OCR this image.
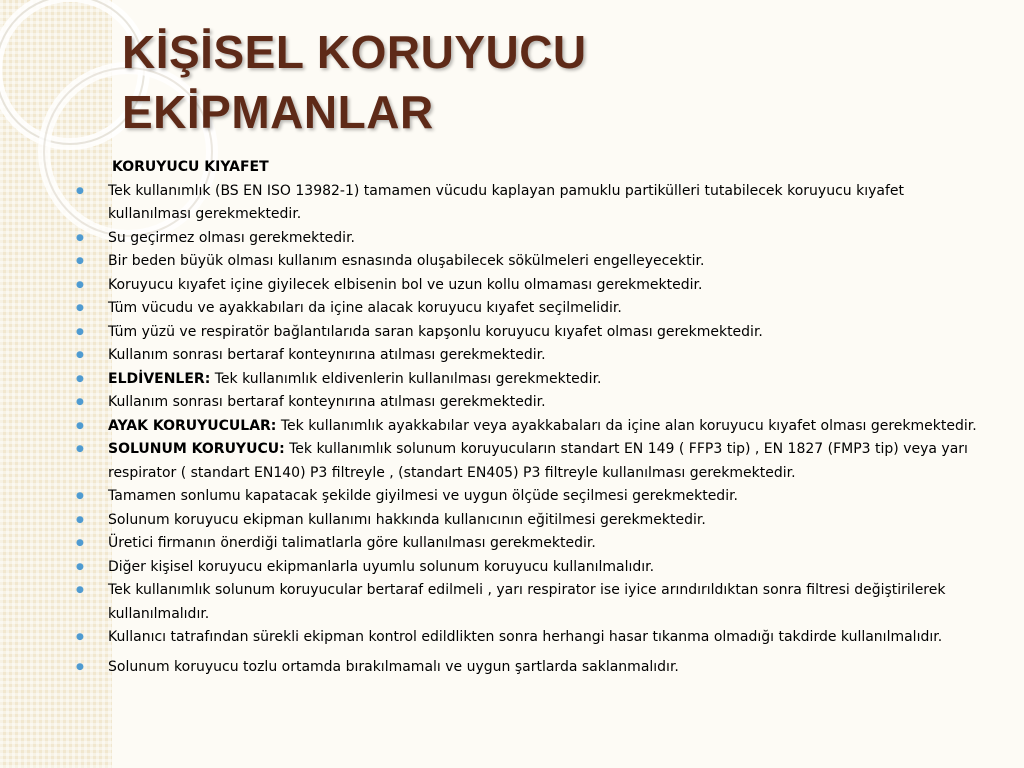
KİŞİSEL KORUYUCU
EKİPMANLAR
KORUYUCU KIYAFET
● Tek kullanımlık (BS EN ISO 13982-1) tamamen vücudu kaplayan pamuklu partikülleri tutabilecek koruyucu kıyafet kullanılması gerekmektedir.
● Su geçirmez olması gerekmektedir.
● Bir beden büyük olması kullanım esnasında oluşabilecek sökülmeleri engelleyecektir.
● Koruyucu kıyafet içine giyilecek elbisenin bol ve uzun kollu olmaması gerekmektedir.
● Tüm vücudu ve ayakkabıları da içine alacak koruyucu kıyafet seçilmelidir.
● Tüm yüzü ve respiratör bağlantılarıda saran kapşonlu koruyucu kıyafet olması gerekmektedir.
● Kullanım sonrası bertaraf konteynırına atılması gerekmektedir.
● ELDİVENLER: Tek kullanımlık eldivenlerin kullanılması gerekmektedir.
● Kullanım sonrası bertaraf konteynırına atılması gerekmektedir.
● AYAK KORUYUCULAR: Tek kullanımlık ayakkabılar veya ayakkabaları da içine alan koruyucu kıyafet olması gerekmektedir.
● SOLUNUM KORUYUCU: Tek kullanımlık solunum koruyucuların standart EN 149 ( FFP3 tip) , EN 1827 (FMP3 tip) veya yarı respirator ( standart EN140) P3 filtreyle , (standart EN405) P3 filtreyle kullanılması gerekmektedir.
● Tamamen sonlumu kapatacak şekilde giyilmesi ve uygun ölçüde seçilmesi gerekmektedir.
● Solunum koruyucu ekipman kullanımı hakkında kullanıcının eğitilmesi gerekmektedir.
● Üretici firmanın önerdiği talimatlarla göre kullanılması gerekmektedir.
● Diğer kişisel koruyucu ekipmanlarla uyumlu solunum koruyucu kullanılmalıdır.
● Tek kullanımlık solunum koruyucular bertaraf edilmeli , yarı respirator ise iyice arındırıldıktan sonra filtresi değiştirilerek kullanılmalıdır.
● Kullanıcı tatrafından sürekli ekipman kontrol edildlikten sonra herhangi hasar tıkanma olmadığı takdirde kullanılmalıdır.
● Solunum koruyucu tozlu ortamda bırakılmamalı ve uygun şartlarda saklanmalıdır.
